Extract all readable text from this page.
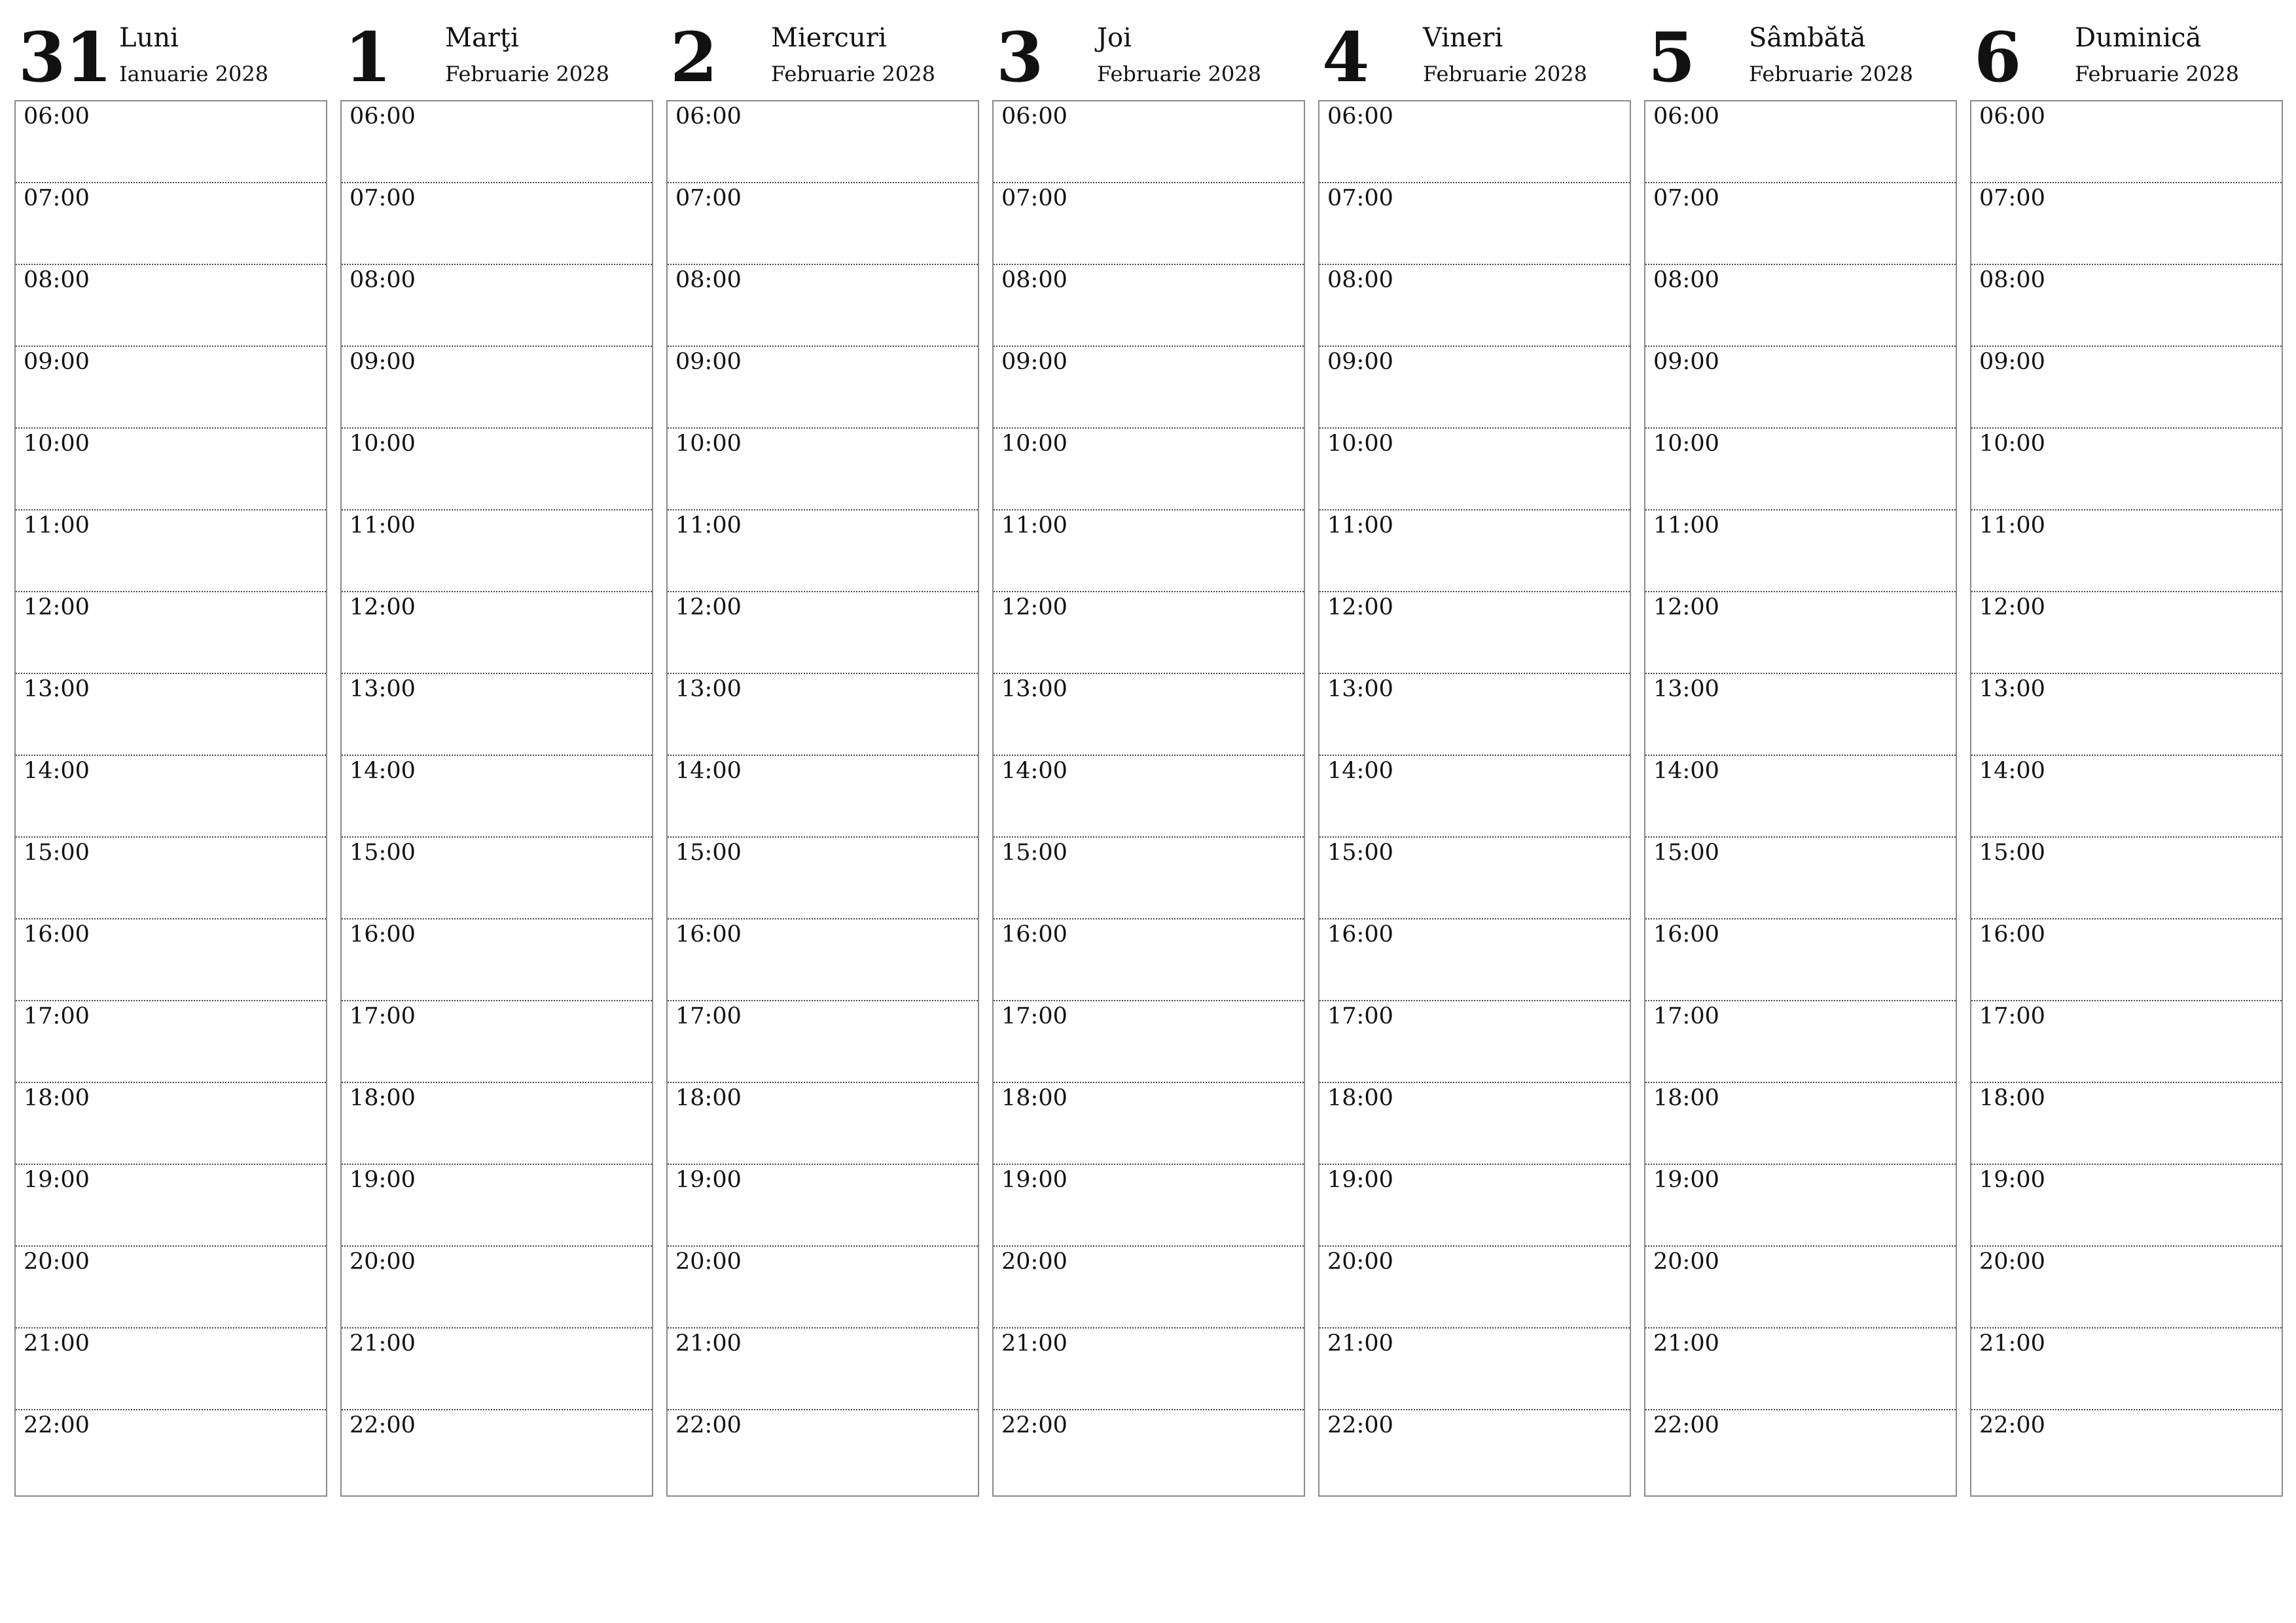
31 Luni
Ianuarie 2028
06:00
07:00
08:00
09:00
10:00
11:00
12:00
13:00
14:00
15:00
16:00
17:00
18:00
19:00
20:00
21:00
22:00
1 Marţi
Februarie 2028
06:00
07:00
08:00
09:00
10:00
11:00
12:00
13:00
14:00
15:00
16:00
17:00
18:00
19:00
20:00
21:00
22:00
2 Miercuri
Februarie 2028
06:00
07:00
08:00
09:00
10:00
11:00
12:00
13:00
14:00
15:00
16:00
17:00
18:00
19:00
20:00
21:00
22:00
3 Joi
Februarie 2028
06:00
07:00
08:00
09:00
10:00
11:00
12:00
13:00
14:00
15:00
16:00
17:00
18:00
19:00
20:00
21:00
22:00
4 Vineri
Februarie 2028
06:00
07:00
08:00
09:00
10:00
11:00
12:00
13:00
14:00
15:00
16:00
17:00
18:00
19:00
20:00
21:00
22:00
5 Sâmbătă
Februarie 2028
06:00
07:00
08:00
09:00
10:00
11:00
12:00
13:00
14:00
15:00
16:00
17:00
18:00
19:00
20:00
21:00
22:00
6 Duminică
Februarie 2028
06:00
07:00
08:00
09:00
10:00
11:00
12:00
13:00
14:00
15:00
16:00
17:00
18:00
19:00
20:00
21:00
22:00
